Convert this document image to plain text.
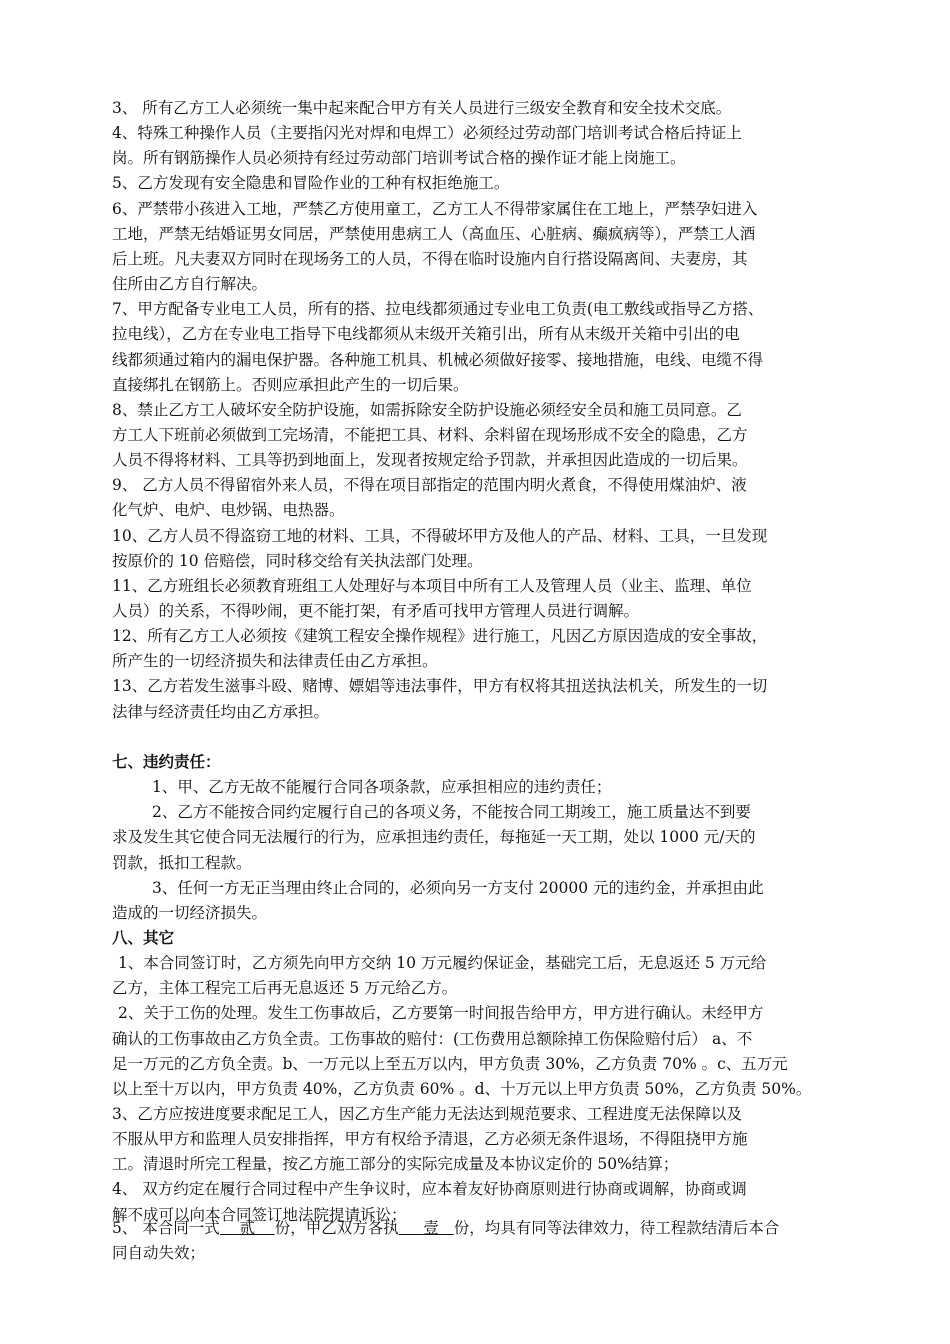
3、 所有乙方工人必须统一集中起来配合甲方有关人员进行三级安全教育和安全技术交底。
4、特殊工种操作人员（主要指闪光对焊和电焊工）必须经过劳动部门培训考试合格后持证上
岗。所有钢筋操作人员必须持有经过劳动部门培训考试合格的操作证才能上岗施工。
5、乙方发现有安全隐患和冒险作业的工种有权拒绝施工。
6、严禁带小孩进入工地，严禁乙方使用童工，乙方工人不得带家属住在工地上，严禁孕妇进入
工地，严禁无结婚证男女同居，严禁使用患病工人（高血压、心脏病、癫疯病等），严禁工人酒
后上班。凡夫妻双方同时在现场务工的人员，不得在临时设施内自行搭设隔离间、夫妻房，其
住所由乙方自行解决。
7、甲方配备专业电工人员，所有的搭、拉电线都须通过专业电工负责(电工敷线或指导乙方搭、
拉电线），乙方在专业电工指导下电线都须从末级开关箱引出，所有从末级开关箱中引出的电
线都须通过箱内的漏电保护器。各种施工机具、机械必须做好接零、接地措施，电线、电缆不得
直接绑扎在钢筋上。否则应承担此产生的一切后果。
8、禁止乙方工人破坏安全防护设施，如需拆除安全防护设施必须经安全员和施工员同意。乙
方工人下班前必须做到工完场清，不能把工具、材料、余料留在现场形成不安全的隐患，乙方
人员不得将材料、工具等扔到地面上，发现者按规定给予罚款，并承担因此造成的一切后果。
9、 乙方人员不得留宿外来人员，不得在项目部指定的范围内明火煮食，不得使用煤油炉、液
化气炉、电炉、电炒锅、电热器。
10、乙方人员不得盗窃工地的材料、工具，不得破坏甲方及他人的产品、材料、工具，一旦发现
按原价的 10 倍赔偿，同时移交给有关执法部门处理。
11、乙方班组长必须教育班组工人处理好与本项目中所有工人及管理人员（业主、监理、单位
人员）的关系，不得吵闹，更不能打架，有矛盾可找甲方管理人员进行调解。
12、所有乙方工人必须按《建筑工程安全操作规程》进行施工，凡因乙方原因造成的安全事故，
所产生的一切经济损失和法律责任由乙方承担。
13、乙方若发生滋事斗殴、赌博、嫖娼等违法事件，甲方有权将其扭送执法机关，所发生的一切
法律与经济责任均由乙方承担。
七、违约责任：
1、甲、乙方无故不能履行合同各项条款，应承担相应的违约责任；
2、乙方不能按合同约定履行自己的各项义务，不能按合同工期竣工，施工质量达不到要
求及发生其它使合同无法履行的行为，应承担违约责任，每拖延一天工期，处以 1000 元/天的
罚款，抵扣工程款。
3、任何一方无正当理由终止合同的，必须向另一方支付 20000 元的违约金，并承担由此
造成的一切经济损失。
八、其它
1、本合同签订时，乙方须先向甲方交纳 10 万元履约保证金，基础完工后，无息返还 5 万元给
乙方，主体工程完工后再无息返还 5 万元给乙方。
2、关于工伤的处理。发生工伤事故后，乙方要第一时间报告给甲方，甲方进行确认。未经甲方
确认的工伤事故由乙方负全责。工伤事故的赔付：(工伤费用总额除掉工伤保险赔付后） a、不
足一万元的乙方负全责。b、一万元以上至五万以内，甲方负责 30%，乙方负责 70% 。c、五万元
以上至十万以内，甲方负责 40%，乙方负责 60% 。d、十万元以上甲方负责 50%，乙方负责 50%。
3、乙方应按进度要求配足工人，因乙方生产能力无法达到规范要求、工程进度无法保障以及
不服从甲方和监理人员安排指挥，甲方有权给予清退，乙方必须无条件退场，不得阻挠甲方施
工。清退时所完工程量，按乙方施工部分的实际完成量及本协议定价的 50%结算；
4、 双方约定在履行合同过程中产生争议时，应本着友好协商原则进行协商或调解，协商或调
解不成可以向本合同签订地法院提请诉讼；
5、 本合同一式 贰 份，甲乙双方各执 壹 份，均具有同等法律效力，待工程款结清后本合
同自动失效；
